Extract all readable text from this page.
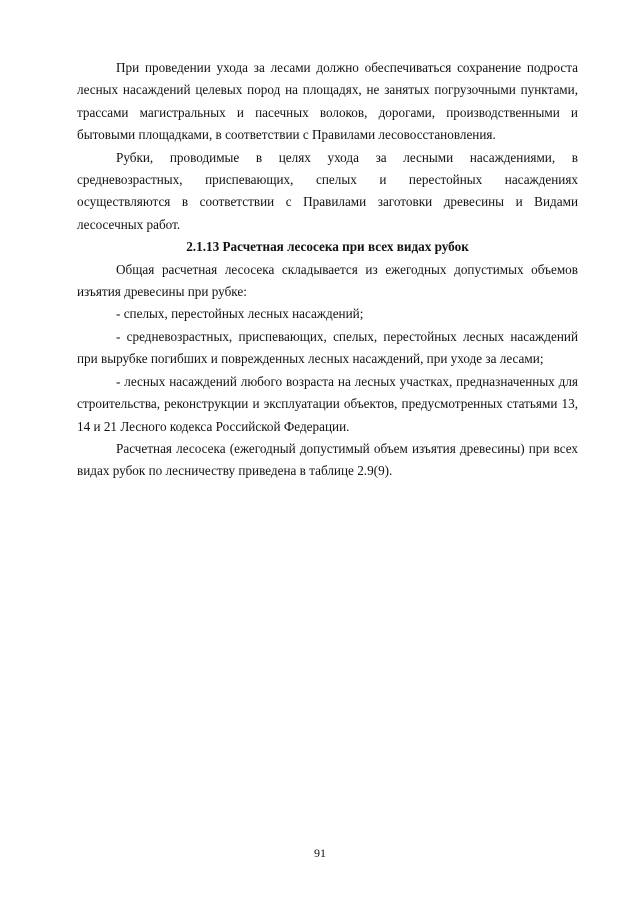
При проведении ухода за лесами должно обеспечиваться сохранение подроста лесных насаждений целевых пород на площадях, не занятых погрузочными пунктами, трассами магистральных и пасечных волоков, дорогами, производственными и бытовыми площадками, в соответствии с Правилами лесовосстановления.

Рубки, проводимые в целях ухода за лесными насаждениями, в средневозрастных, приспевающих, спелых и перестойных насаждениях осуществляются в соответствии с Правилами заготовки древесины и Видами лесосечных работ.

2.1.13 Расчетная лесосека при всех видах рубок

Общая расчетная лесосека складывается из ежегодных допустимых объемов изъятия древесины при рубке:

- спелых, перестойных лесных насаждений;

- средневозрастных, приспевающих, спелых, перестойных лесных насаждений при вырубке погибших и поврежденных лесных насаждений, при уходе за лесами;

- лесных насаждений любого возраста на лесных участках, предназначенных для строительства, реконструкции и эксплуатации объектов, предусмотренных статьями 13, 14 и 21 Лесного кодекса Российской Федерации.

Расчетная лесосека (ежегодный допустимый объем изъятия древесины) при всех видах рубок по лесничеству приведена в таблице 2.9(9).

91
